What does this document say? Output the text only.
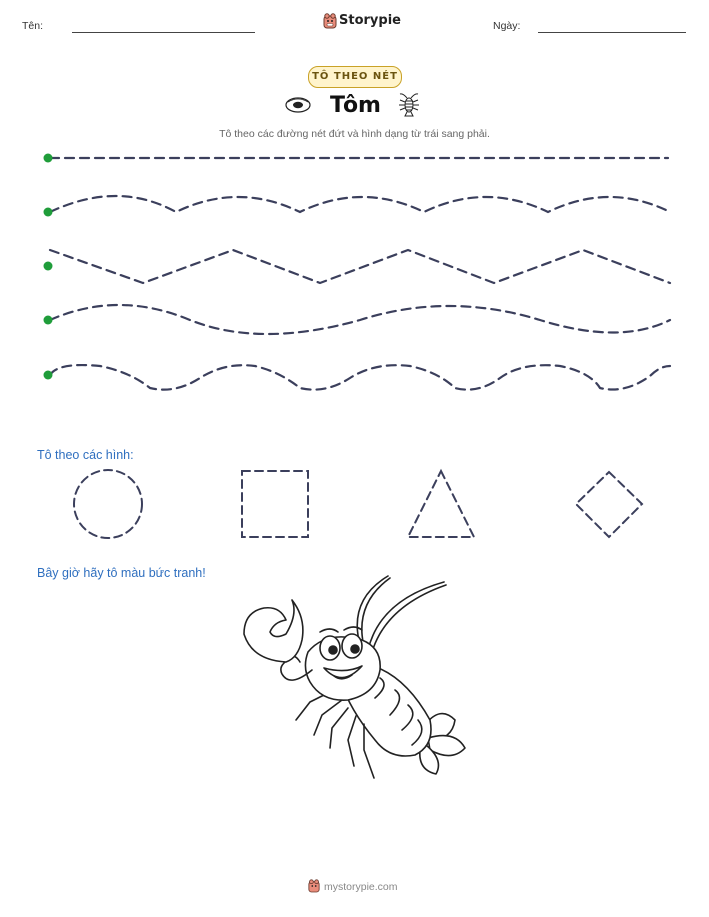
Tên:	Storypie	Ngày:
TÔ THEO NÉT
Tôm
Tô theo các đường nét đứt và hình dạng từ trái sang phải.
Tô theo các hình:
Bây giờ hãy tô màu bức tranh!
mystorypie.com
